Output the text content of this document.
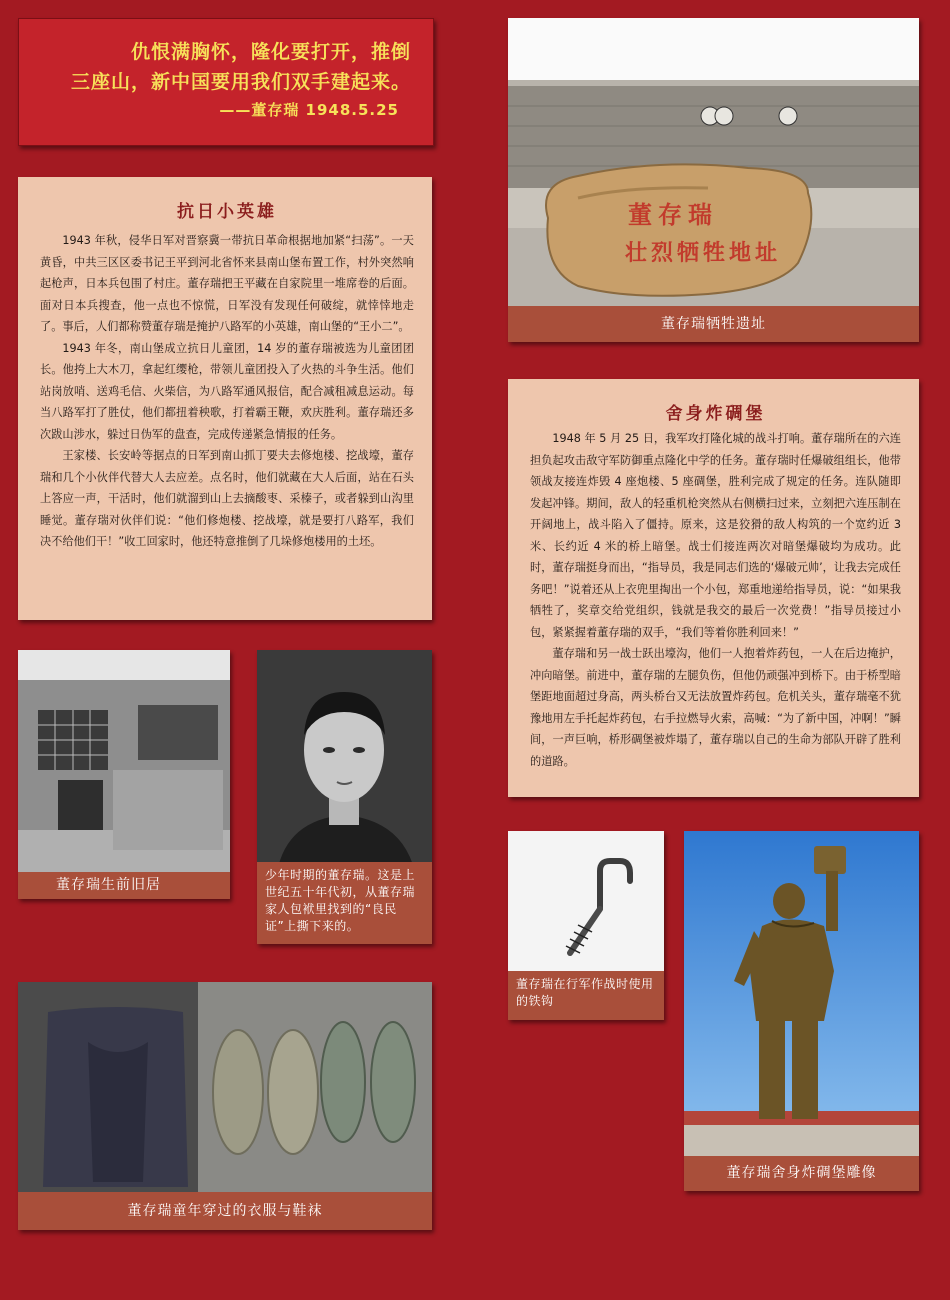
仇恨满胸怀，隆化要打开，推倒
三座山，新中国要用我们双手建起来。
——董存瑞 1948.5.25
董存瑞
壮烈牺牲地址
董存瑞牺牲遗址
抗日小英雄

1943 年秋，侵华日军对晋察冀一带抗日革命根据地加紧“扫荡”。一天黄昏，中共三区区委书记王平到河北省怀来县南山堡布置工作，村外突然响起枪声，日本兵包围了村庄。董存瑞把王平藏在自家院里一堆席卷的后面。面对日本兵搜查，他一点也不惊慌，日军没有发现任何破绽，就悻悻地走了。事后，人们都称赞董存瑞是掩护八路军的小英雄，南山堡的“王小二”。

1943 年冬，南山堡成立抗日儿童团，14 岁的董存瑞被选为儿童团团长。他挎上大木刀，拿起红缨枪，带领儿童团投入了火热的斗争生活。他们站岗放哨、送鸡毛信、火柴信，为八路军通风报信，配合减租减息运动。每当八路军打了胜仗，他们都扭着秧歌，打着霸王鞭，欢庆胜利。董存瑞还多次跋山涉水，躲过日伪军的盘查，完成传递紧急情报的任务。

王家楼、长安岭等据点的日军到南山抓丁要夫去修炮楼、挖战壕，董存瑞和几个小伙伴代替大人去应差。点名时，他们就藏在大人后面，站在石头上答应一声，干活时，他们就溜到山上去摘酸枣、采榛子，或者躲到山沟里睡觉。董存瑞对伙伴们说：“他们修炮楼、挖战壕，就是要打八路军，我们决不给他们干！”收工回家时，他还特意推倒了几垛修炮楼用的土坯。

舍身炸碉堡

1948 年 5 月 25 日，我军攻打隆化城的战斗打响。董存瑞所在的六连担负起攻击敌守军防御重点隆化中学的任务。董存瑞时任爆破组组长，他带领战友接连炸毁 4 座炮楼、5 座碉堡，胜利完成了规定的任务。连队随即发起冲锋。期间，敌人的轻重机枪突然从右侧横扫过来，立刻把六连压制在开阔地上，战斗陷入了僵持。原来，这是狡猾的敌人构筑的一个宽约近 3 米、长约近 4 米的桥上暗堡。战士们接连两次对暗堡爆破均为成功。此时，董存瑞挺身而出，“指导员，我是同志们选的‘爆破元帅’，让我去完成任务吧！”说着还从上衣兜里掏出一个小包，郑重地递给指导员，说：“如果我牺牲了，奖章交给党组织，钱就是我交的最后一次党费！”指导员接过小包，紧紧握着董存瑞的双手，“我们等着你胜利回来！”

董存瑞和另一战士跃出壕沟，他们一人抱着炸药包，一人在后边掩护，冲向暗堡。前进中，董存瑞的左腿负伤，但他仍顽强冲到桥下。由于桥型暗堡距地面超过身高，两头桥台又无法放置炸药包。危机关头，董存瑞毫不犹豫地用左手托起炸药包，右手拉燃导火索，高喊：“为了新中国，冲啊！”瞬间，一声巨响，桥形碉堡被炸塌了，董存瑞以自己的生命为部队开辟了胜利的道路。

董存瑞生前旧居
少年时期的董存瑞。这是上世纪五十年代初，从董存瑞家人包袱里找到的“良民证”上撕下来的。
董存瑞在行军作战时使用的铁钩
董存瑞舍身炸碉堡雕像
董存瑞童年穿过的衣服与鞋袜
